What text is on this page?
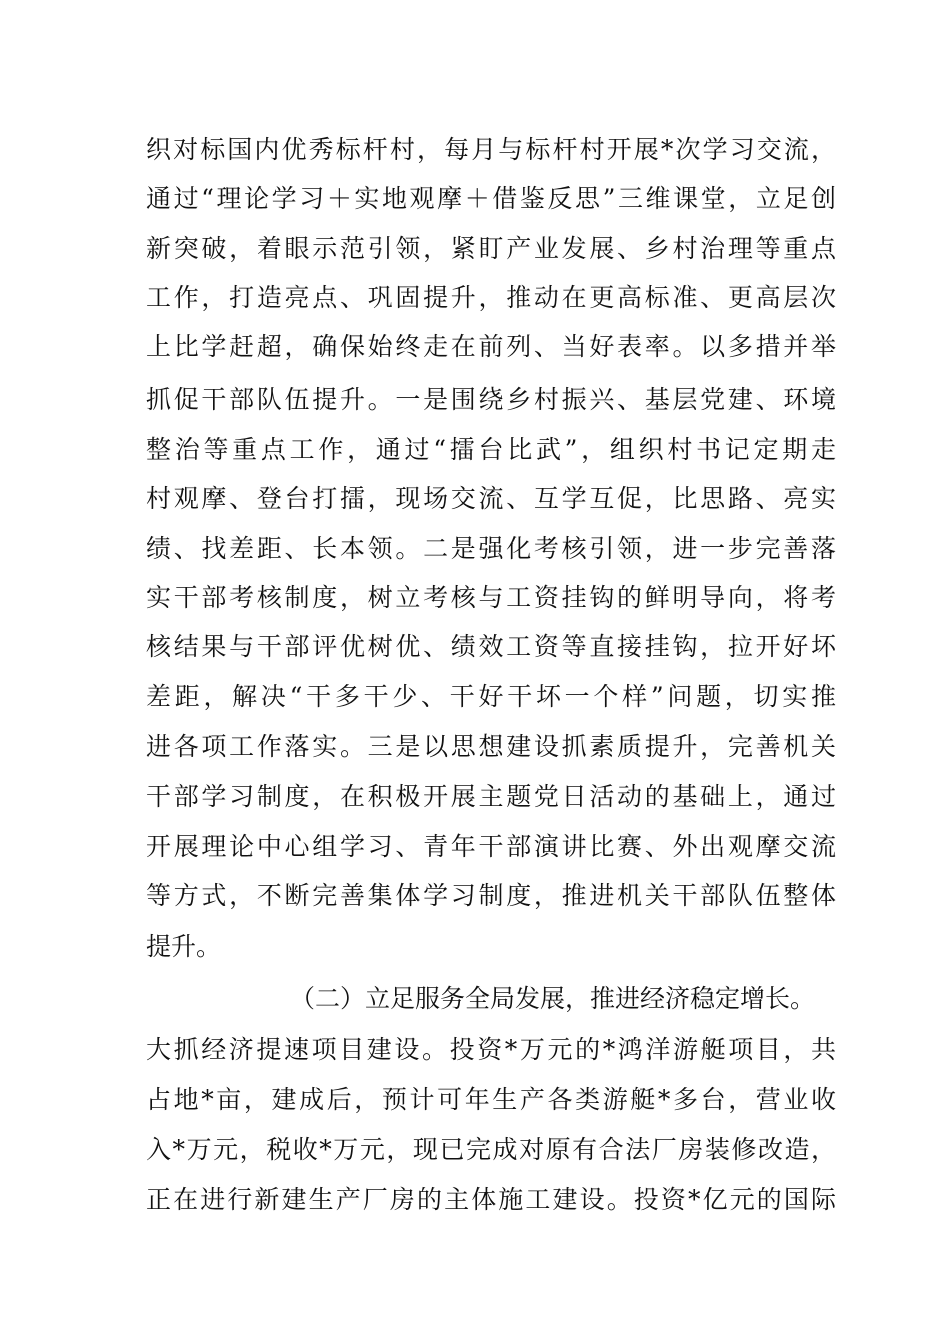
织对标国内优秀标杆村，每月与标杆村开展*次学习交流，
通过“理论学习＋实地观摩＋借鉴反思”三维课堂，立足创
新突破，着眼示范引领，紧盯产业发展、乡村治理等重点
工作，打造亮点、巩固提升，推动在更高标准、更高层次
上比学赶超，确保始终走在前列、当好表率。以多措并举
抓促干部队伍提升。一是围绕乡村振兴、基层党建、环境
整治等重点工作，通过“擂台比武”，组织村书记定期走
村观摩、登台打擂，现场交流、互学互促，比思路、亮实
绩、找差距、长本领。二是强化考核引领，进一步完善落
实干部考核制度，树立考核与工资挂钩的鲜明导向，将考
核结果与干部评优树优、绩效工资等直接挂钩，拉开好坏
差距，解决“干多干少、干好干坏一个样”问题，切实推
进各项工作落实。三是以思想建设抓素质提升，完善机关
干部学习制度，在积极开展主题党日活动的基础上，通过
开展理论中心组学习、青年干部演讲比赛、外出观摩交流
等方式，不断完善集体学习制度，推进机关干部队伍整体
提升。
（二）立足服务全局发展，推进经济稳定增长。
大抓经济提速项目建设。投资*万元的*鸿洋游艇项目，共
占地*亩，建成后，预计可年生产各类游艇*多台，营业收
入*万元，税收*万元，现已完成对原有合法厂房装修改造，
正在进行新建生产厂房的主体施工建设。投资*亿元的国际
